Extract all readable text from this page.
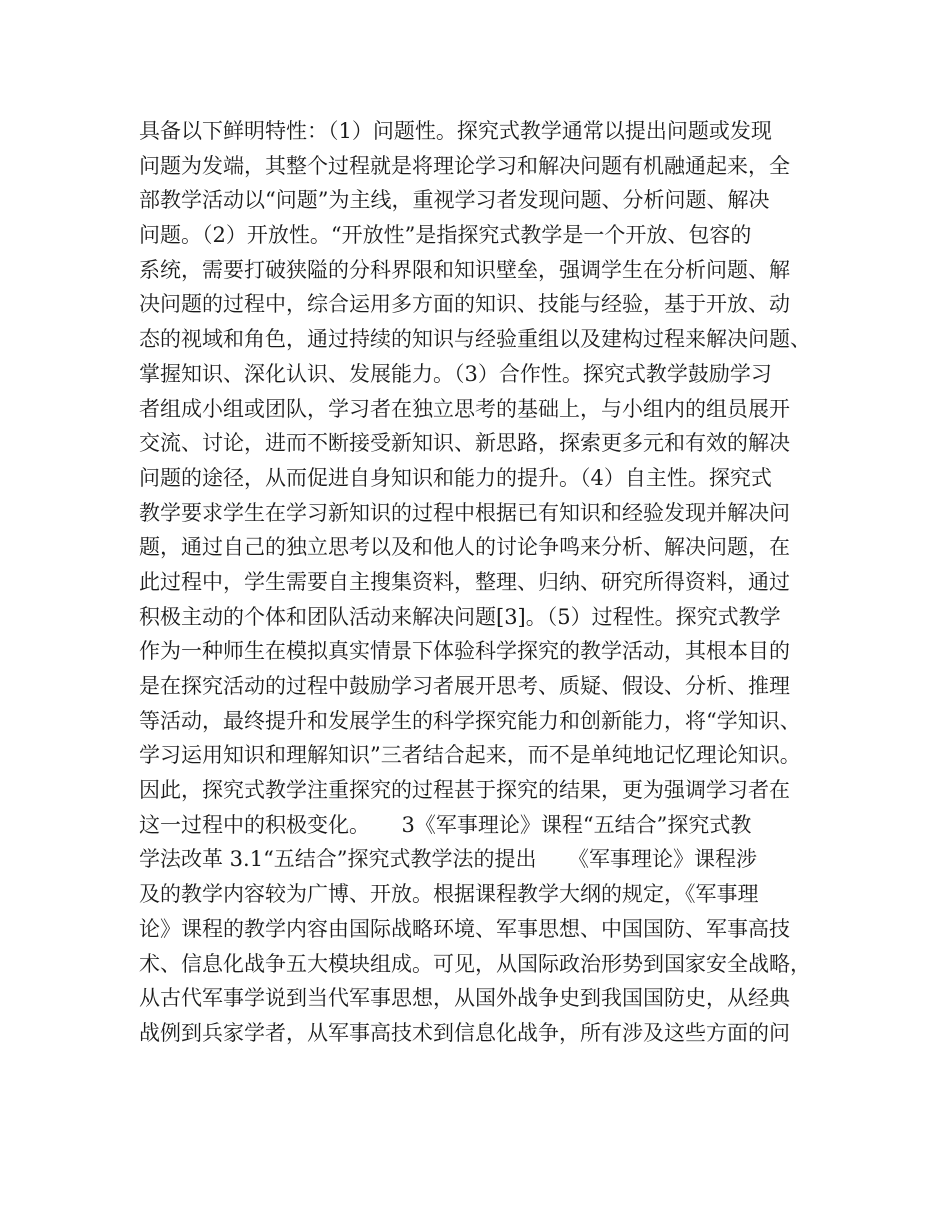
具备以下鲜明特性：（1）问题性。探究式教学通常以提出问题或发现
问题为发端，其整个过程就是将理论学习和解决问题有机融通起来，全
部教学活动以“问题”为主线，重视学习者发现问题、分析问题、解决
问题。（2）开放性。“开放性”是指探究式教学是一个开放、包容的
系统，需要打破狭隘的分科界限和知识壁垒，强调学生在分析问题、解
决问题的过程中，综合运用多方面的知识、技能与经验，基于开放、动
态的视域和角色，通过持续的知识与经验重组以及建构过程来解决问题、
掌握知识、深化认识、发展能力。（3）合作性。探究式教学鼓励学习
者组成小组或团队，学习者在独立思考的基础上，与小组内的组员展开
交流、讨论，进而不断接受新知识、新思路，探索更多元和有效的解决
问题的途径，从而促进自身知识和能力的提升。（4）自主性。探究式
教学要求学生在学习新知识的过程中根据已有知识和经验发现并解决问
题，通过自己的独立思考以及和他人的讨论争鸣来分析、解决问题，在
此过程中，学生需要自主搜集资料，整理、归纳、研究所得资料，通过
积极主动的个体和团队活动来解决问题[3]。（5）过程性。探究式教学
作为一种师生在模拟真实情景下体验科学探究的教学活动，其根本目的
是在探究活动的过程中鼓励学习者展开思考、质疑、假设、分析、推理
等活动，最终提升和发展学生的科学探究能力和创新能力，将“学知识、
学习运用知识和理解知识”三者结合起来，而不是单纯地记忆理论知识。
因此，探究式教学注重探究的过程甚于探究的结果，更为强调学习者在
这一过程中的积极变化。　　3《军事理论》课程“五结合”探究式教
学法改革 3.1“五结合”探究式教学法的提出　　《军事理论》课程涉
及的教学内容较为广博、开放。根据课程教学大纲的规定，《军事理
论》课程的教学内容由国际战略环境、军事思想、中国国防、军事高技
术、信息化战争五大模块组成。可见，从国际政治形势到国家安全战略，
从古代军事学说到当代军事思想，从国外战争史到我国国防史，从经典
战例到兵家学者，从军事高技术到信息化战争，所有涉及这些方面的问
